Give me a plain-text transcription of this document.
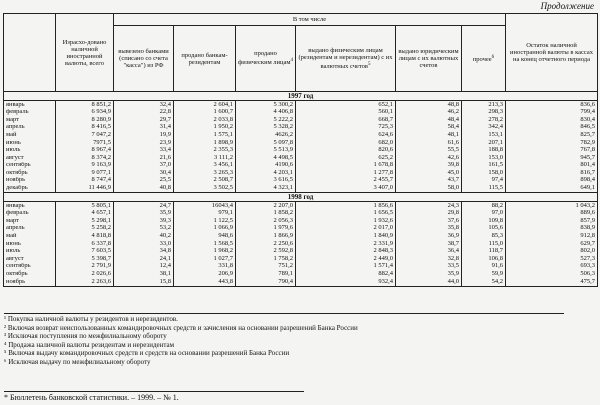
Продолжение
	Израсхо-довано наличной иностранной валюты, всего	В том числе						Остаток наличной иностранной валюты в кассах на конец отчетного периода
		вывезено банками (списано со счета "касса") из РФ	продано банкам-резидентам	продано физическим лицам$^4$	выдано физическим лицам (резидентам и нерезидентам) с их валютных счетов$^5$	выдано юридическим лицам с их валютных счетов	прочее$^6$
1997 год								
январь	8 851,2	32,4	2 604,1	5 300,2	652,1	48,8	213,3	836,6
февраль	6 934,9	22,8	1 600,7	4 406,8	560,1	46,2	298,3	799,4
март	8 280,9	29,7	2 033,8	5 222,2	668,7	48,4	278,2	830,4
апрель	8 416,5	31,4	1 950,2	5 328,2	725,3	58,4	342,4	846,5
май	7 047,2	19,9	1 575,1	4626,2	624,6	48,1	153,1	825,7
июнь	7971,5	23,9	1 898,9	5 097,8	682,0	61,6	207,1	782,9
июль	8 967,4	33,4	2 355,3	5 513,9	820,6	55,5	188,8	767,8
август	8 374,2	21,6	3 111,2	4 498,5	625,2	42,6	153,0	945,7
сентябрь	9 163,9	37,0	3 456,1	4190,6	1 678,8	39,8	161,5	801,4
октябрь	9 077,1	30,4	3 265,3	4 203,1	1 277,8	45,0	158,0	816,7
ноябрь	8 747,4	25,5	2 508,7	3 616,5	2 455,7	43,7	97,4	898,4
декабрь	11 446,9	40,8	3 502,5	4 323,1	3 407,0	58,0	115,5	649,1
1998 год								
январь	5 805,1	24,7	16043,4	2 207,0	1 856,6	24,3	88,2	1 043,2
февраль	4 657,1	35,9	979,1	1 858,2	1 656,5	29,8	97,0	889,6
март	5 298,1	39,3	1 122,5	2 056,3	1 932,6	37,6	109,8	857,9
апрель	5 258,2	53,2	1 066,9	1 979,6	2 017,0	35,8	105,6	838,9
май	4 818,8	40,2	948,6	1 866,9	1 840,9	36,9	85,3	912,8
июнь	6 337,8	33,0	1 568,5	2 250,6	2 331,9	38,7	115,0	629,7
июль	7 603,5	34,8	1 968,2	2 592,8	2 848,3	36,4	118,7	802,0
август	5 398,7	24,1	1 027,7	1 758,2	2 449,0	32,8	106,8	527,3
сентябрь	2 791,9	12,4	331,8	751,2	1 571,4	33,5	91,6	693,3
октябрь	2 026,6	38,1	206,9	789,1	882,4	35,9	59,9	506,3
ноябрь	2 263,6	15,8	443,8	790,4	932,4	44,0	54,2	475,7
¹ Покупка наличной валюты у резидентов и нерезидентов.
² Включая возврат неиспользованных командировочных средств и зачисления на основании разрешений Банка России
³ Исключая поступления по межфилиальному обороту
⁴ Продажа наличной валюты резидентам и нерезидентам
⁵ Включая выдачу командировочных средств и средств на основании разрешений Банка России
⁶ Исключая выдачу по межфилиальному обороту
* Бюллетень банковской статистики. – 1999. – № 1.
